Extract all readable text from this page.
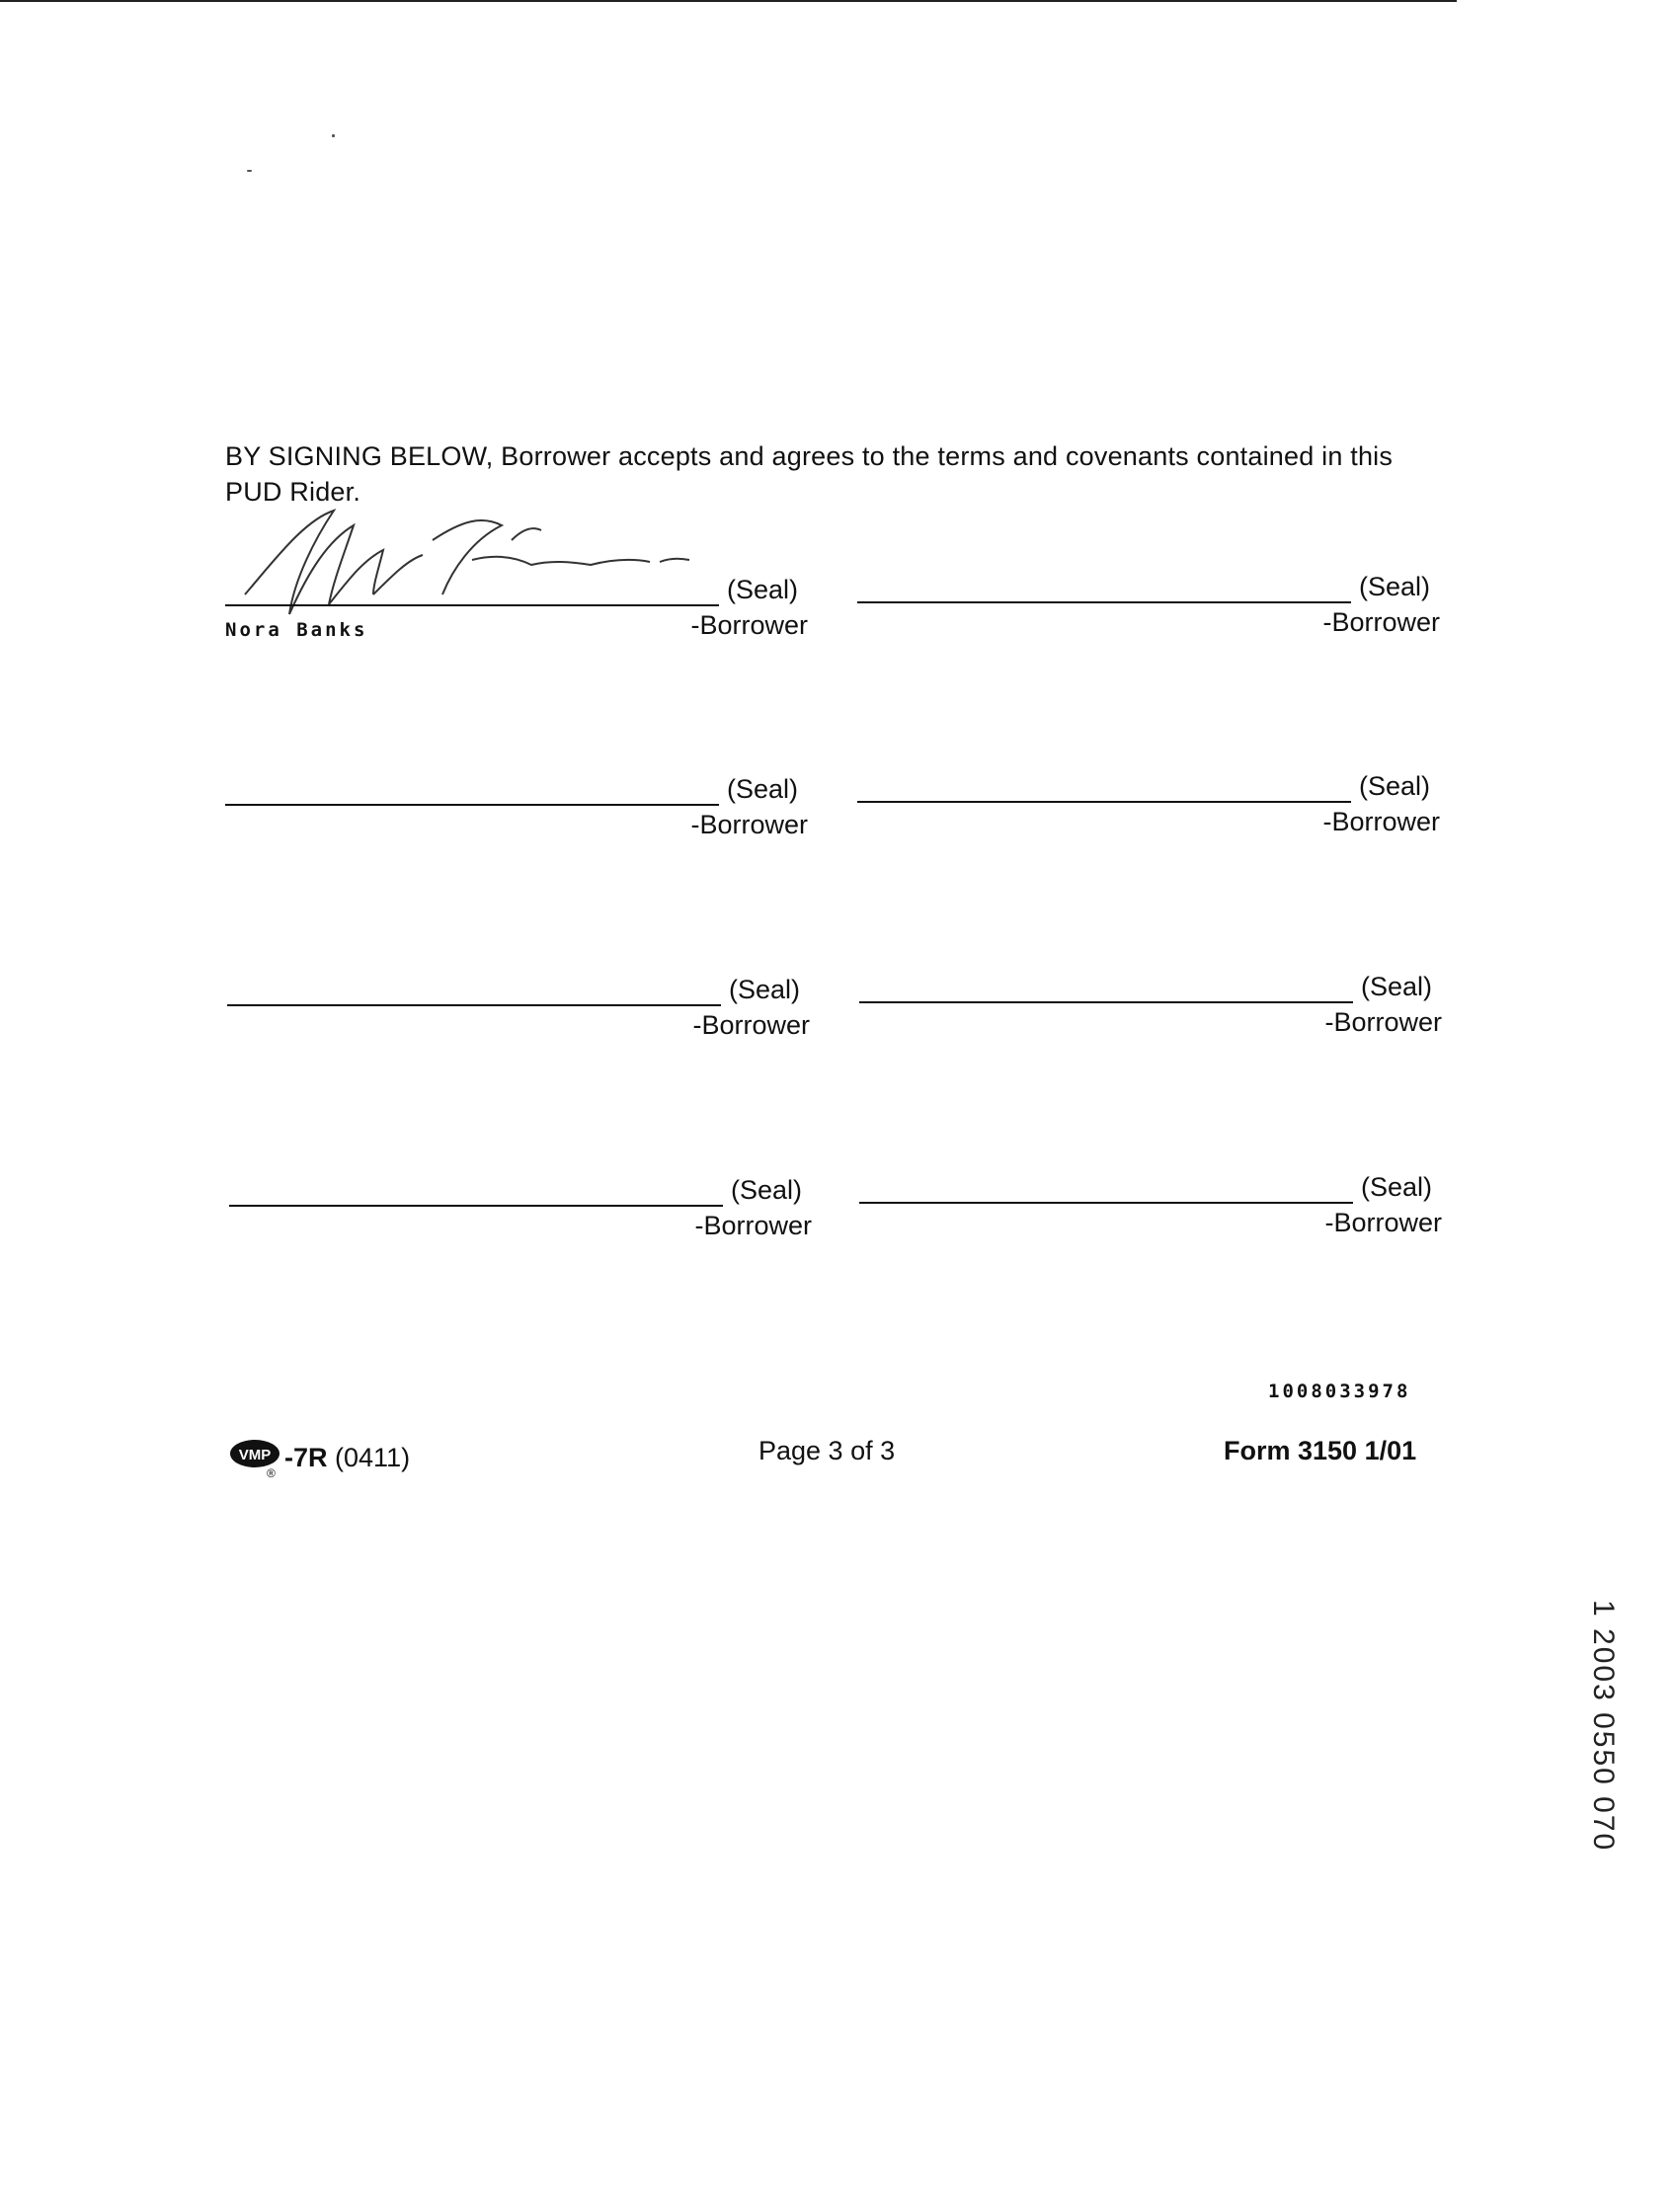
BY SIGNING BELOW, Borrower accepts and agrees to the terms and covenants contained in this PUD Rider.

(Seal)
Nora Banks	-Borrower
(Seal)
-Borrower
(Seal)
-Borrower
(Seal)
-Borrower
(Seal)
-Borrower
(Seal)
-Borrower
(Seal)
-Borrower
(Seal)
-Borrower
1008033978
VMP
®
-7R
(0411)	Page 3 of 3	Form 3150 1/01
1 2003 0550 070
